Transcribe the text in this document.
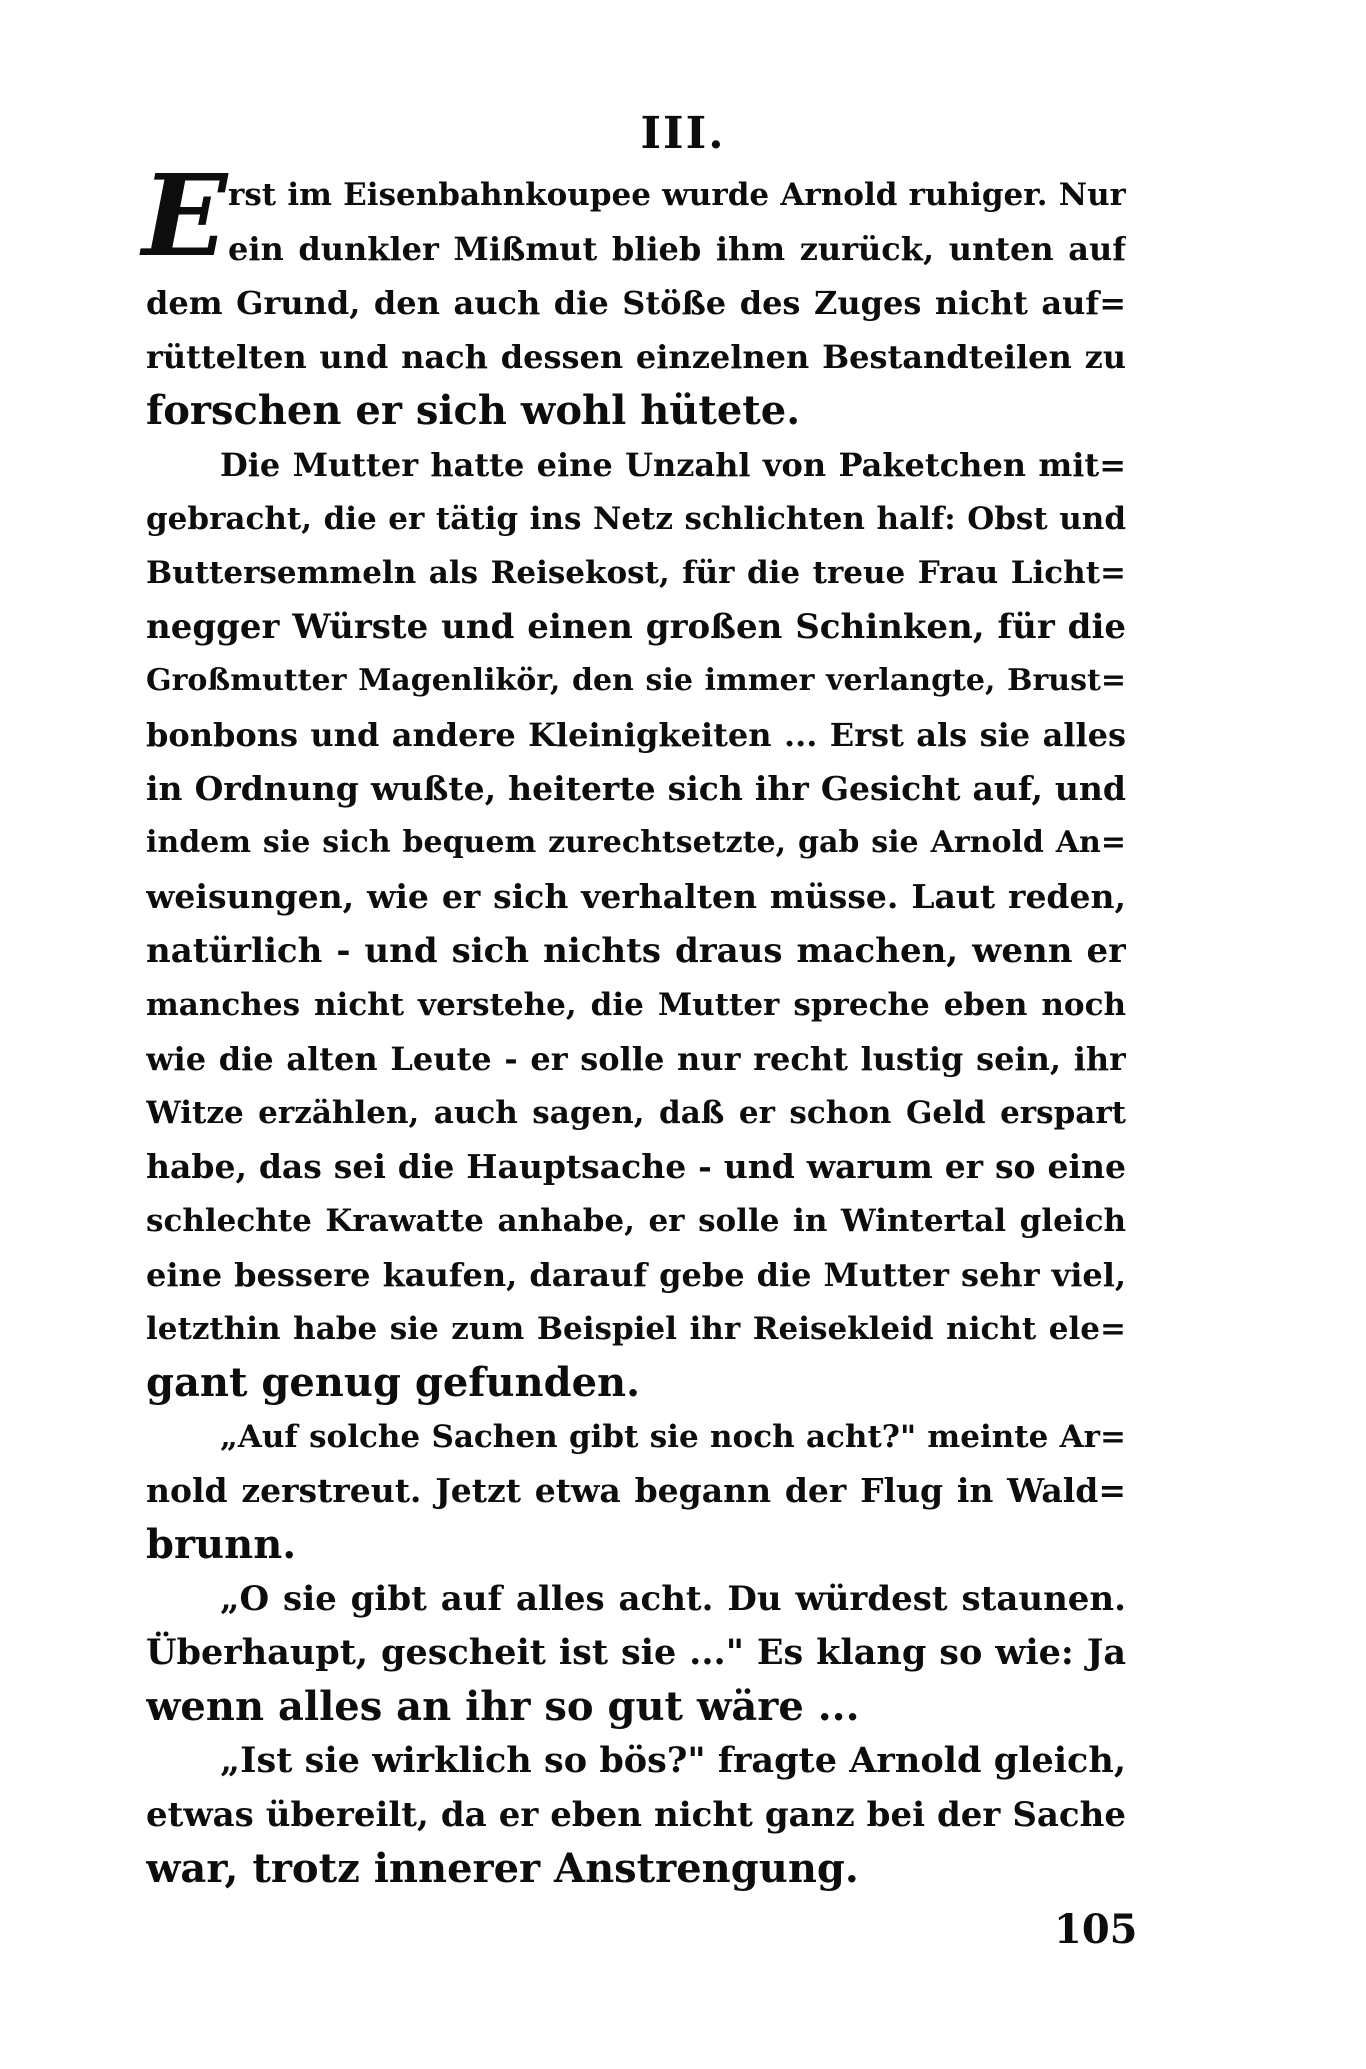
III.
E rst im Eisenbahnkoupee wurde Arnold ruhiger. Nur
ein dunkler Mißmut blieb ihm zurück, unten auf
dem Grund, den auch die Stöße des Zuges nicht auf=
rüttelten und nach dessen einzelnen Bestandteilen zu
forschen er sich wohl hütete.
Die Mutter hatte eine Unzahl von Paketchen mit=
gebracht, die er tätig ins Netz schlichten half: Obst und
Buttersemmeln als Reisekost, für die treue Frau Licht=
negger Würste und einen großen Schinken, für die
Großmutter Magenlikör, den sie immer verlangte, Brust=
bonbons und andere Kleinigkeiten ... Erst als sie alles
in Ordnung wußte, heiterte sich ihr Gesicht auf, und
indem sie sich bequem zurechtsetzte, gab sie Arnold An=
weisungen, wie er sich verhalten müsse. Laut reden,
natürlich - und sich nichts draus machen, wenn er
manches nicht verstehe, die Mutter spreche eben noch
wie die alten Leute - er solle nur recht lustig sein, ihr
Witze erzählen, auch sagen, daß er schon Geld erspart
habe, das sei die Hauptsache - und warum er so eine
schlechte Krawatte anhabe, er solle in Wintertal gleich
eine bessere kaufen, darauf gebe die Mutter sehr viel,
letzthin habe sie zum Beispiel ihr Reisekleid nicht ele=
gant genug gefunden.
„Auf solche Sachen gibt sie noch acht?" meinte Ar=
nold zerstreut. Jetzt etwa begann der Flug in Wald=
brunn.
„O sie gibt auf alles acht. Du würdest staunen.
Überhaupt, gescheit ist sie ..." Es klang so wie: Ja
wenn alles an ihr so gut wäre ...
„Ist sie wirklich so bös?" fragte Arnold gleich,
etwas übereilt, da er eben nicht ganz bei der Sache
war, trotz innerer Anstrengung.
105
